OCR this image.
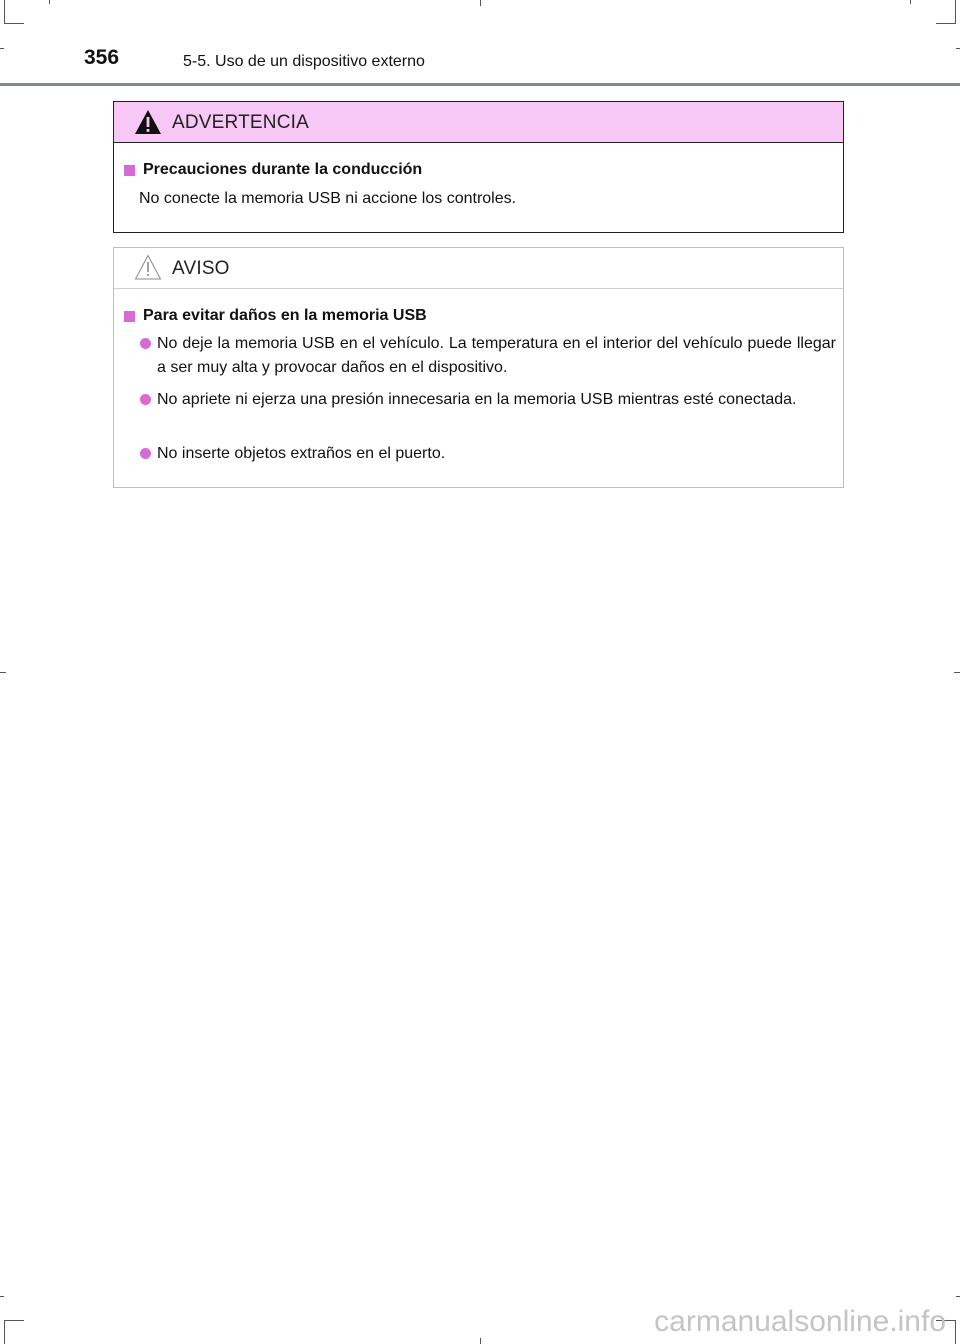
356	5-5. Uso de un dispositivo externo
ADVERTENCIA
Precauciones durante la conducción
No conecte la memoria USB ni accione los controles.
AVISO
Para evitar daños en la memoria USB
No deje la memoria USB en el vehículo. La temperatura en el interior del vehículo puede llegar a ser muy alta y provocar daños en el dispositivo.
No apriete ni ejerza una presión innecesaria en la memoria USB mientras esté conectada.
No inserte objetos extraños en el puerto.
carmanualsonline.info
